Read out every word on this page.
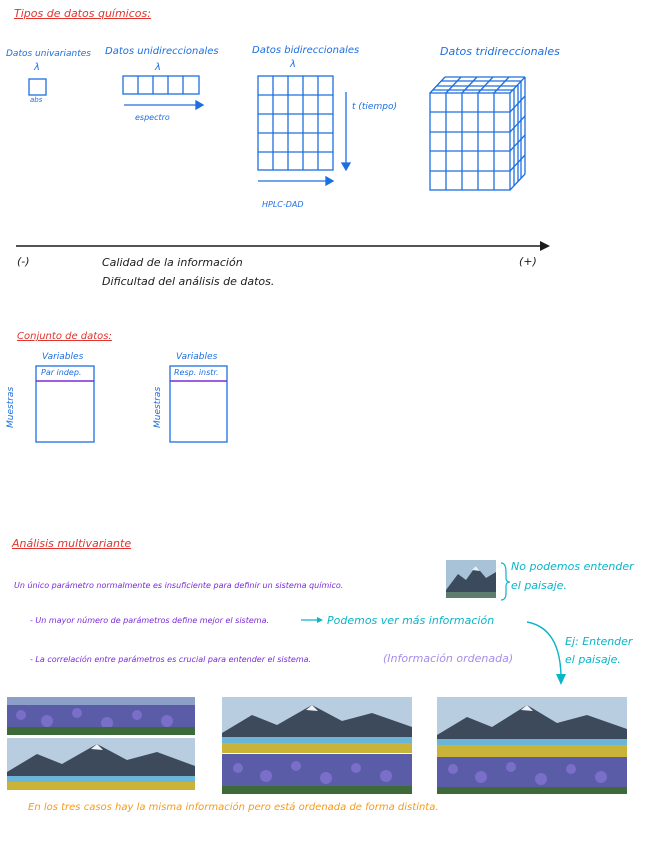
Tipos de datos químicos:
Datos univariantes
λ
abs
Datos unidireccionales
λ
espectro
Datos bidireccionales
λ
t (tiempo)
HPLC-DAD
Datos tridireccionales
(-)	(+)
Calidad de la información
Dificultad del análisis de datos.
Conjunto de datos:
Variables
Par indep.
Muestras
Variables
Resp. instr.
Muestras
Análisis multivariante
Un único parámetro normalmente es insuficiente para definir un sistema químico.
No podemos entender
el paisaje.
- Un mayor número de parámetros define mejor el sistema.	Podemos ver más información
- La correlación entre parámetros es crucial para entender el sistema.	(Información ordenada)
Ej: Entender
el paisaje.
En los tres casos hay la misma información pero está ordenada de forma distinta.
